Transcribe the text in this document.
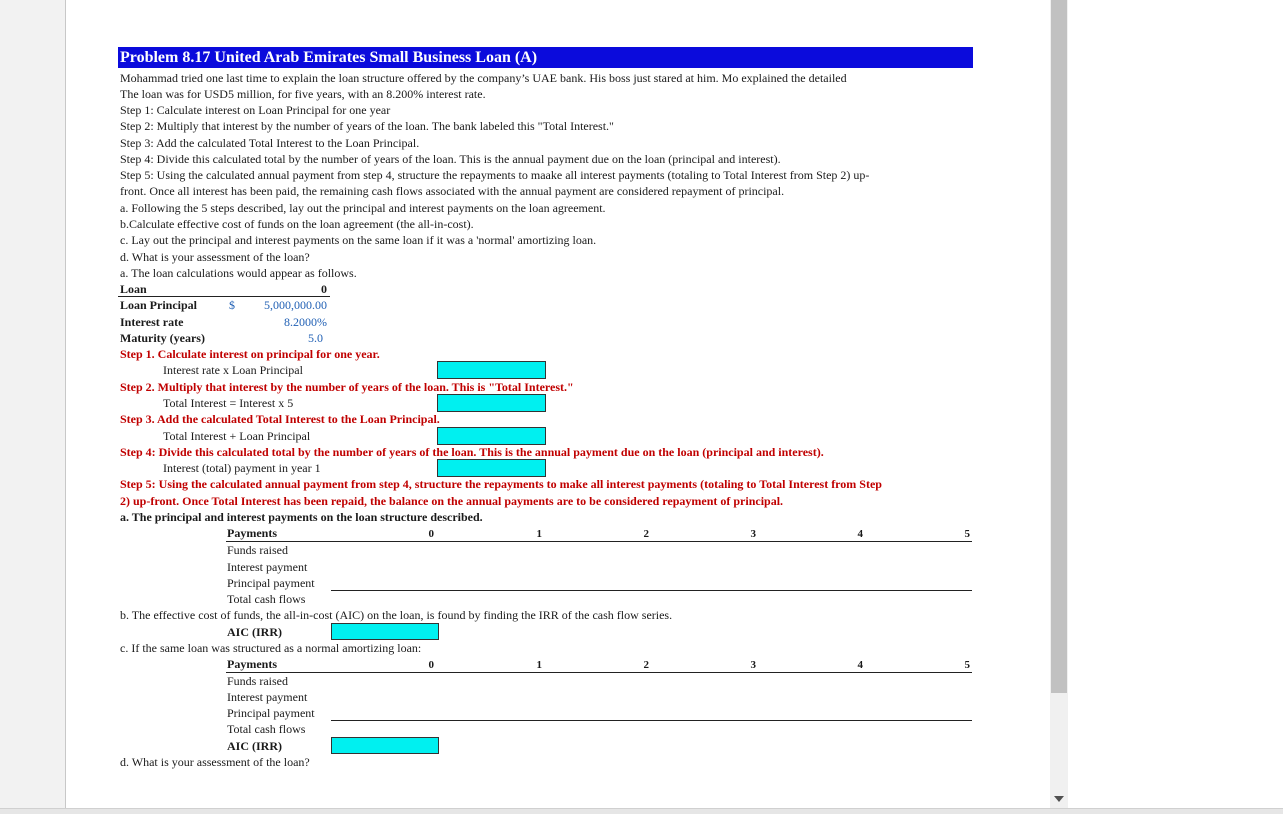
Problem 8.17 United Arab Emirates Small Business Loan (A)
Mohammad tried one last time to explain the loan structure offered by the company’s UAE bank. His boss just stared at him. Mo explained the detailed
The loan was for USD5 million, for five years, with an 8.200% interest rate.
Step 1: Calculate interest on Loan Principal for one year
Step 2: Multiply that interest by the number of years of the loan. The bank labeled this "Total Interest."
Step 3: Add the calculated Total Interest to the Loan Principal.
Step 4: Divide this calculated total by the number of years of the loan. This is the annual payment due on the loan (principal and interest).
Step 5: Using the calculated annual payment from step 4, structure the repayments to maake all interest payments (totaling to Total Interest from Step 2) up-
front. Once all interest has been paid, the remaining cash flows associated with the annual payment are considered repayment of principal.
a. Following the 5 steps described, lay out the principal and interest payments on the loan agreement.
b.Calculate effective cost of funds on the loan agreement (the all-in-cost).
c. Lay out the principal and interest payments on the same loan if it was a 'normal' amortizing loan.
d. What is your assessment of the loan?
a. The loan calculations would appear as follows.
Loan	0
Loan Principal	$	5,000,000.00
Interest rate	8.2000%
Maturity (years)	5.0
Step 1. Calculate interest on principal for one year.
Interest rate x Loan Principal
Step 2. Multiply that interest by the number of years of the loan. This is "Total Interest."
Total Interest = Interest x 5
Step 3. Add the calculated Total Interest to the Loan Principal.
Total Interest + Loan Principal
Step 4: Divide this calculated total by the number of years of the loan. This is the annual payment due on the loan (principal and interest).
Interest (total) payment in year 1
Step 5: Using the calculated annual payment from step 4, structure the repayments to make all interest payments (totaling to Total Interest from Step
2) up-front. Once Total Interest has been repaid, the balance on the annual payments are to be considered repayment of principal.
a. The principal and interest payments on the loan structure described.
Payments	0	1	2	3	4	5
Funds raised
Interest payment
Principal payment
Total cash flows
b. The effective cost of funds, the all-in-cost (AIC) on the loan, is found by finding the IRR of the cash flow series.
AIC (IRR)
c. If the same loan was structured as a normal amortizing loan:
Payments	0	1	2	3	4	5
Funds raised
Interest payment
Principal payment
Total cash flows
AIC (IRR)
d. What is your assessment of the loan?
